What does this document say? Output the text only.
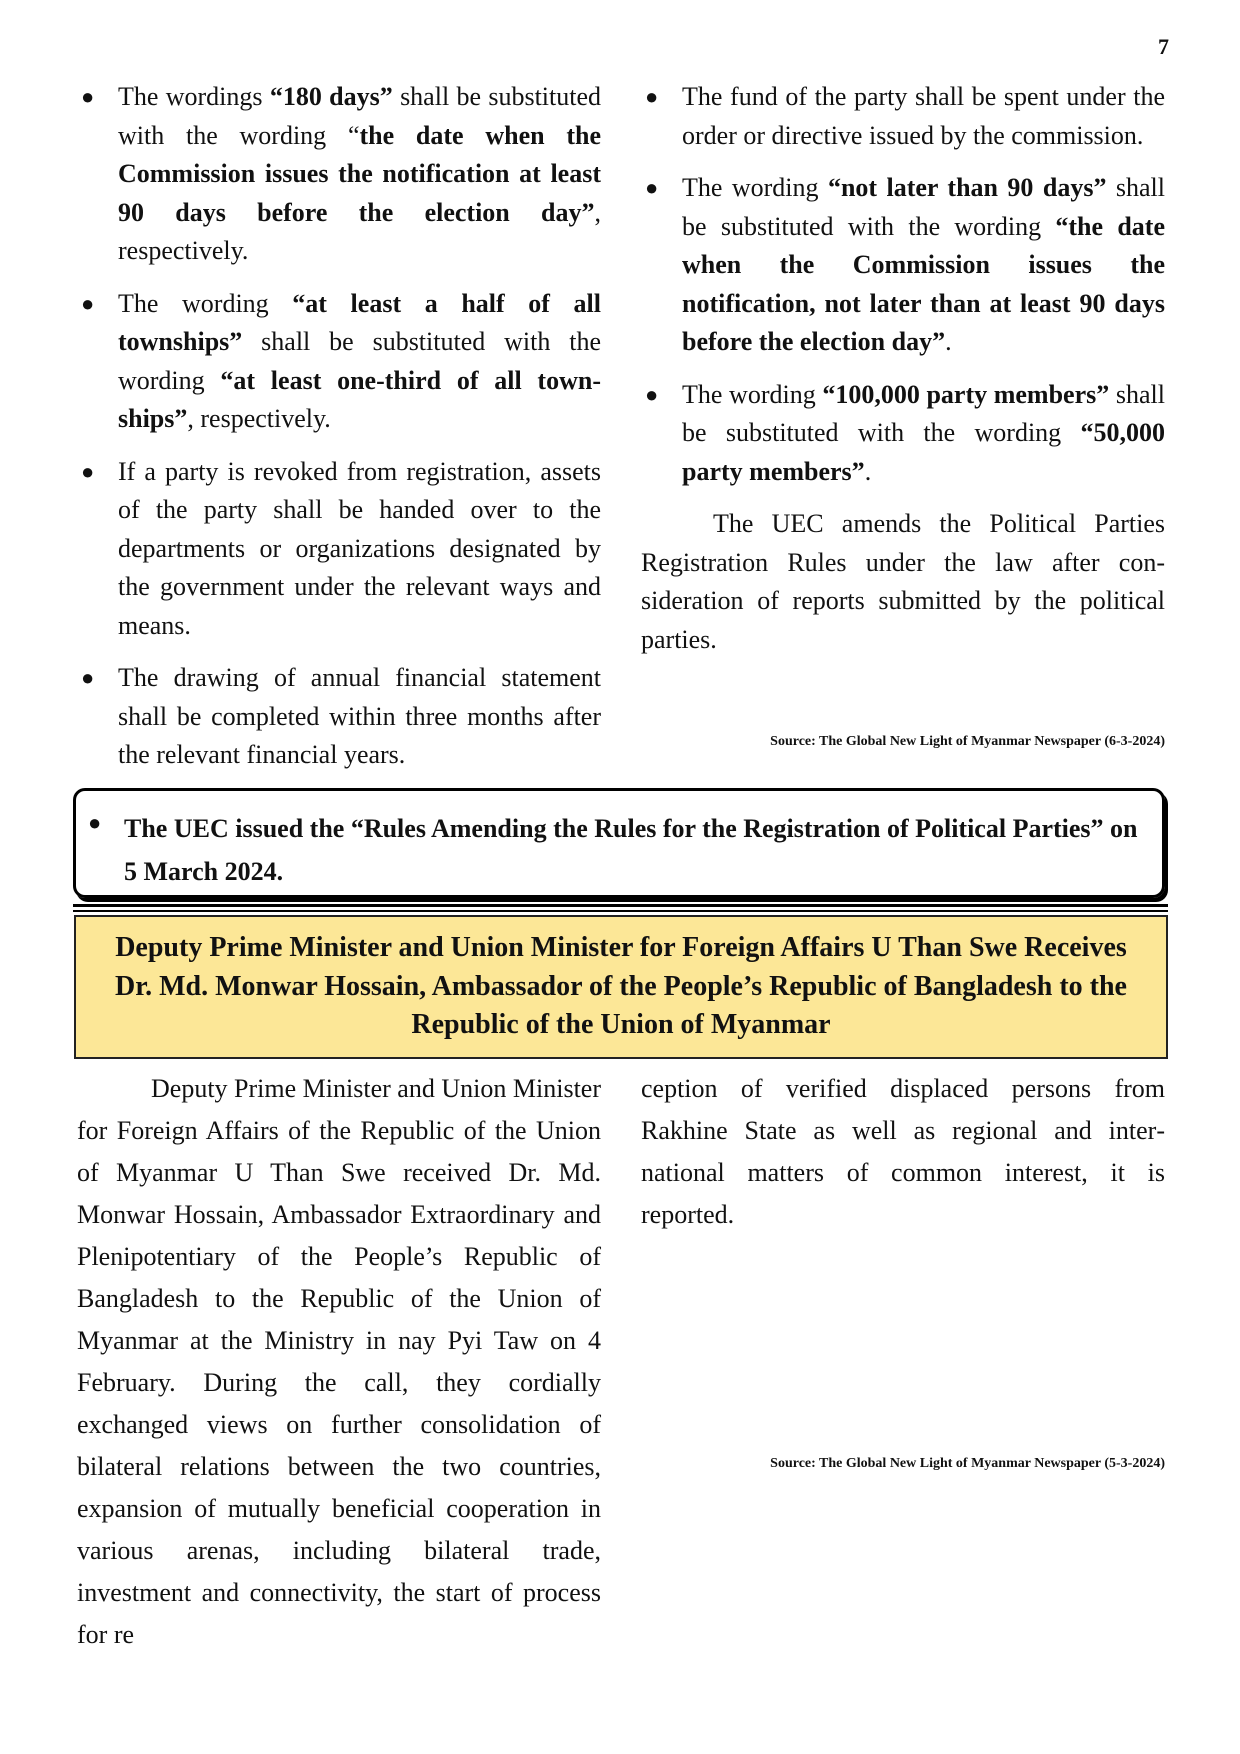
7
● The wordings “180 days” shall be substituted with the wording “the date when the Commission issues the notification at least 90 days before the election day”, respectively.
● The wording “at least a half of all townships” shall be substituted with the wording “at least one-third of all townships”, respectively.
● If a party is revoked from registration, assets of the party shall be handed over to the departments or organizations designated by the government under the relevant ways and means.
● The drawing of annual financial statement shall be completed within three months after the relevant financial years.
● The fund of the party shall be spent under the order or directive issued by the commission.
● The wording “not later than 90 days” shall be substituted with the wording “the date when the Commission issues the notification, not later than at least 90 days before the election day”.
● The wording “100,000 party members” shall be substituted with the wording “50,000 party members”.

The UEC amends the Political Parties Registration Rules under the law after consideration of reports submitted by the political parties.

Source: The Global New Light of Myanmar Newspaper (6-3-2024)
● The UEC issued the “Rules Amending the Rules for the Registration of Political Parties” on 5 March 2024.
Deputy Prime Minister and Union Minister for Foreign Affairs U Than Swe Receives Dr. Md. Monwar Hossain, Ambassador of the People’s Republic of Bangladesh to the Republic of the Union of Myanmar

Deputy Prime Minister and Union Minister for Foreign Affairs of the Republic of the Union of Myanmar U Than Swe received Dr. Md. Monwar Hossain, Ambassador Extraordinary and Plenipotentiary of the People’s Republic of Bangladesh to the Republic of the Union of Myanmar at the Ministry in nay Pyi Taw on 4 February. During the call, they cordially exchanged views on further consolidation of bilateral relations between the two countries, expansion of mutually beneficial cooperation in various arenas, including bilateral trade, investment and connectivity, the start of process for re

ception of verified displaced persons from Rakhine State as well as regional and international matters of common interest, it is reported.

Source: The Global New Light of Myanmar Newspaper (5-3-2024)
